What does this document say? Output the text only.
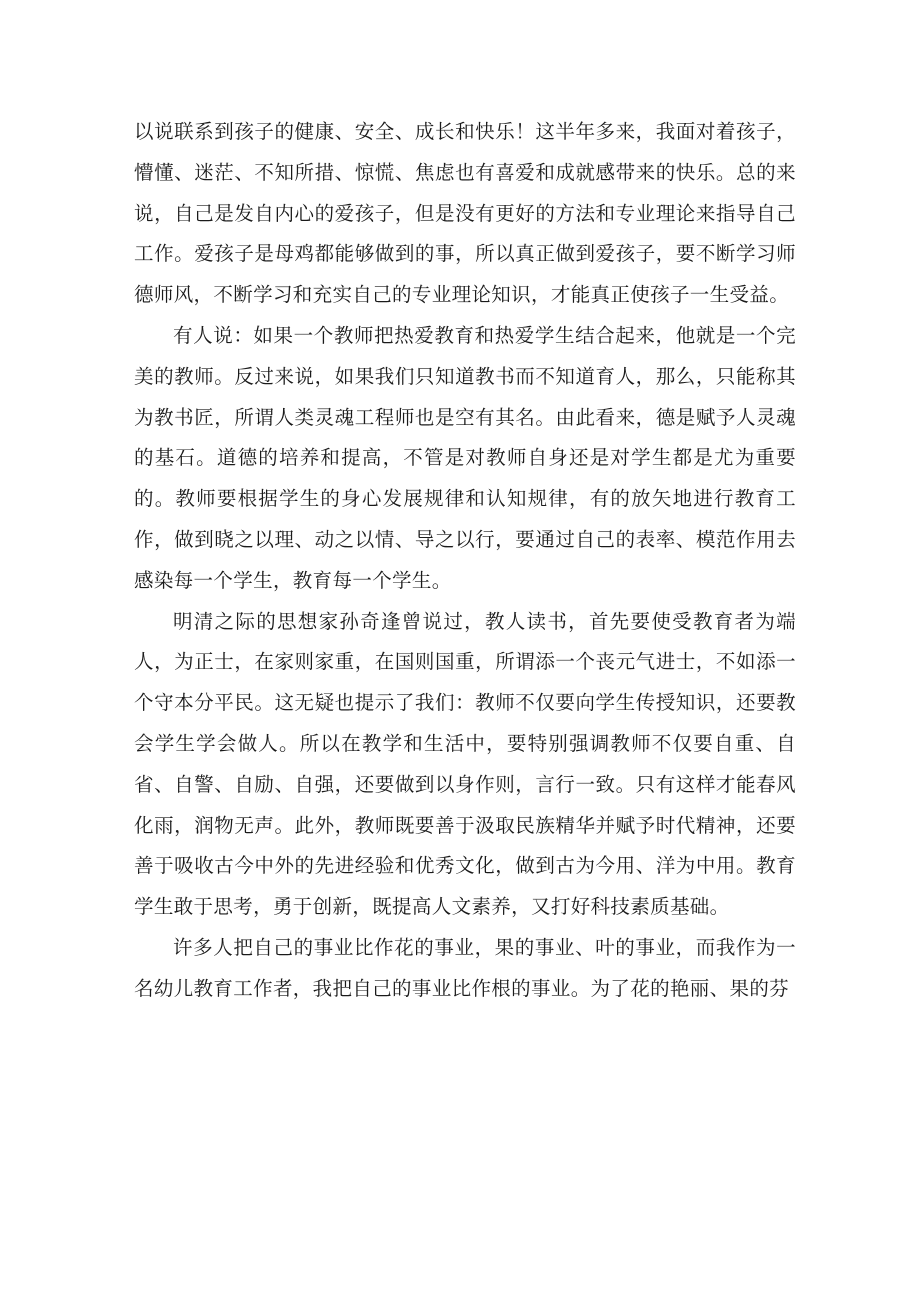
以说联系到孩子的健康、安全、成长和快乐！这半年多来，我面对着孩子，懵懂、迷茫、不知所措、惊慌、焦虑也有喜爱和成就感带来的快乐。总的来说，自己是发自内心的爱孩子，但是没有更好的方法和专业理论来指导自己工作。爱孩子是母鸡都能够做到的事，所以真正做到爱孩子，要不断学习师德师风，不断学习和充实自己的专业理论知识，才能真正使孩子一生受益。

有人说：如果一个教师把热爱教育和热爱学生结合起来，他就是一个完美的教师。反过来说，如果我们只知道教书而不知道育人，那么，只能称其为教书匠，所谓人类灵魂工程师也是空有其名。由此看来，德是赋予人灵魂的基石。道德的培养和提高，不管是对教师自身还是对学生都是尤为重要的。教师要根据学生的身心发展规律和认知规律，有的放矢地进行教育工作，做到晓之以理、动之以情、导之以行，要通过自己的表率、模范作用去感染每一个学生，教育每一个学生。

明清之际的思想家孙奇逢曾说过，教人读书，首先要使受教育者为端人，为正士，在家则家重，在国则国重，所谓添一个丧元气进士，不如添一个守本分平民。这无疑也提示了我们：教师不仅要向学生传授知识，还要教会学生学会做人。所以在教学和生活中，要特别强调教师不仅要自重、自省、自警、自励、自强，还要做到以身作则，言行一致。只有这样才能春风化雨，润物无声。此外，教师既要善于汲取民族精华并赋予时代精神，还要善于吸收古今中外的先进经验和优秀文化，做到古为今用、洋为中用。教育学生敢于思考，勇于创新，既提高人文素养，又打好科技素质基础。

许多人把自己的事业比作花的事业，果的事业、叶的事业，而我作为一名幼儿教育工作者，我把自己的事业比作根的事业。为了花的艳丽、果的芬
